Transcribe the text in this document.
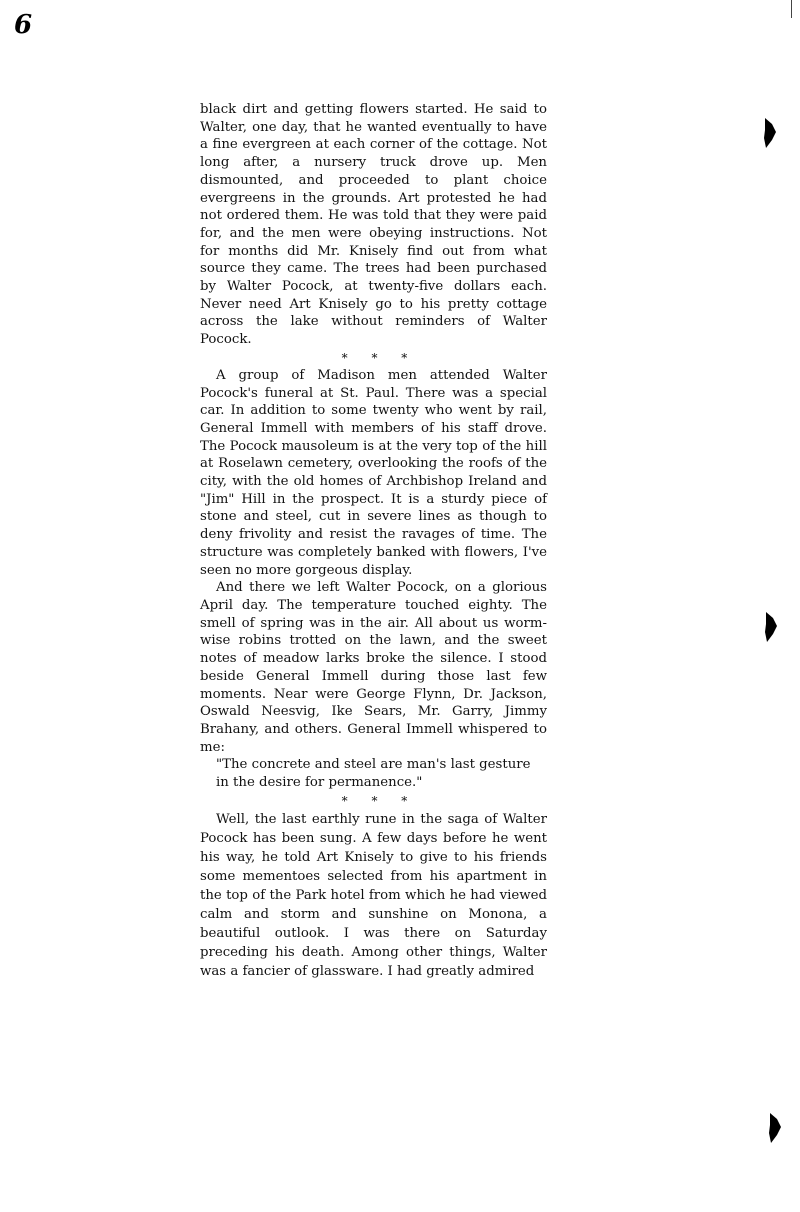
6

black dirt and getting flowers started. He said to Walter, one day, that he wanted eventually to have a fine evergreen at each corner of the cottage. Not long after, a nursery truck drove up. Men dismounted, and proceeded to plant choice evergreens in the grounds. Art protested he had not ordered them. He was told that they were paid for, and the men were obeying instructions. Not for months did Mr. Knisely find out from what source they came. The trees had been purchased by Walter Pocock, at twenty-five dollars each. Never need Art Knisely go to his pretty cottage across the lake without reminders of Walter Pocock.

* * *

A group of Madison men attended Walter Pocock's funeral at St. Paul. There was a special car. In addition to some twenty who went by rail, General Immell with members of his staff drove. The Pocock mausoleum is at the very top of the hill at Roselawn cemetery, overlooking the roofs of the city, with the old homes of Archbishop Ireland and "Jim" Hill in the prospect. It is a sturdy piece of stone and steel, cut in severe lines as though to deny frivolity and resist the ravages of time. The structure was completely banked with flowers, I've seen no more gorgeous display.

And there we left Walter Pocock, on a glorious April day. The temperature touched eighty. The smell of spring was in the air. All about us worm-wise robins trotted on the lawn, and the sweet notes of meadow larks broke the silence. I stood beside General Immell during those last few moments. Near were George Flynn, Dr. Jackson, Oswald Neesvig, Ike Sears, Mr. Garry, Jimmy Brahany, and others. General Immell whispered to me:

"The concrete and steel are man's last gesture in the desire for permanence."

* * *

Well, the last earthly rune in the saga of Walter Pocock has been sung. A few days before he went his way, he told Art Knisely to give to his friends some mementoes selected from his apartment in the top of the Park hotel from which he had viewed calm and storm and sunshine on Monona, a beautiful outlook. I was there on Saturday preceding his death. Among other things, Walter was a fancier of glassware. I had greatly admired
